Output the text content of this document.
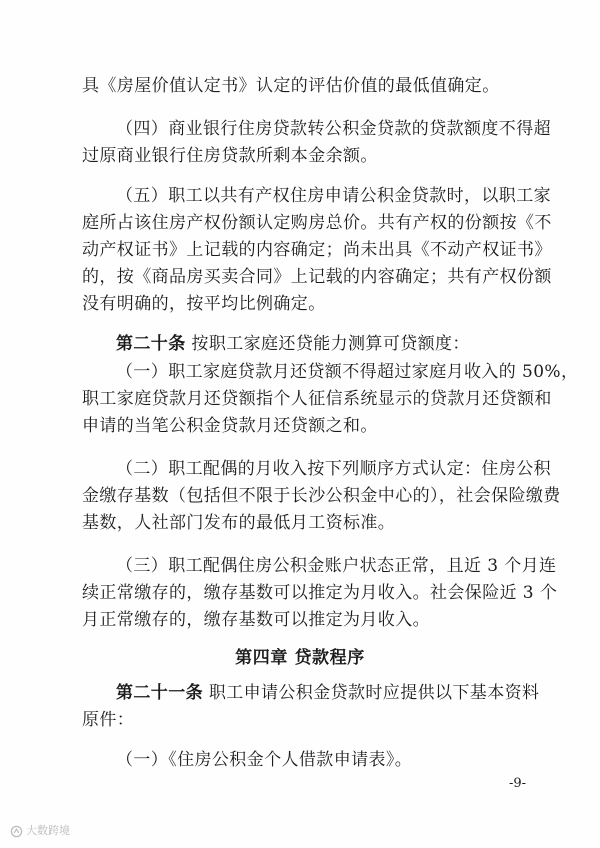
具《房屋价值认定书》认定的评估价值的最低值确定。
（四）商业银行住房贷款转公积金贷款的贷款额度不得超
过原商业银行住房贷款所剩本金余额。
（五）职工以共有产权住房申请公积金贷款时，以职工家
庭所占该住房产权份额认定购房总价。共有产权的份额按《不
动产权证书》上记载的内容确定；尚未出具《不动产权证书》
的，按《商品房买卖合同》上记载的内容确定；共有产权份额
没有明确的，按平均比例确定。
第二十条 按职工家庭还贷能力测算可贷额度：
（一）职工家庭贷款月还贷额不得超过家庭月收入的 50%，
职工家庭贷款月还贷额指个人征信系统显示的贷款月还贷额和
申请的当笔公积金贷款月还贷额之和。
（二）职工配偶的月收入按下列顺序方式认定：住房公积
金缴存基数（包括但不限于长沙公积金中心的），社会保险缴费
基数，人社部门发布的最低月工资标准。
（三）职工配偶住房公积金账户状态正常，且近 3 个月连
续正常缴存的，缴存基数可以推定为月收入。社会保险近 3 个
月正常缴存的，缴存基数可以推定为月收入。
第四章 贷款程序
第二十一条 职工申请公积金贷款时应提供以下基本资料
原件：
（一）《住房公积金个人借款申请表》。
-9-
大数跨境
